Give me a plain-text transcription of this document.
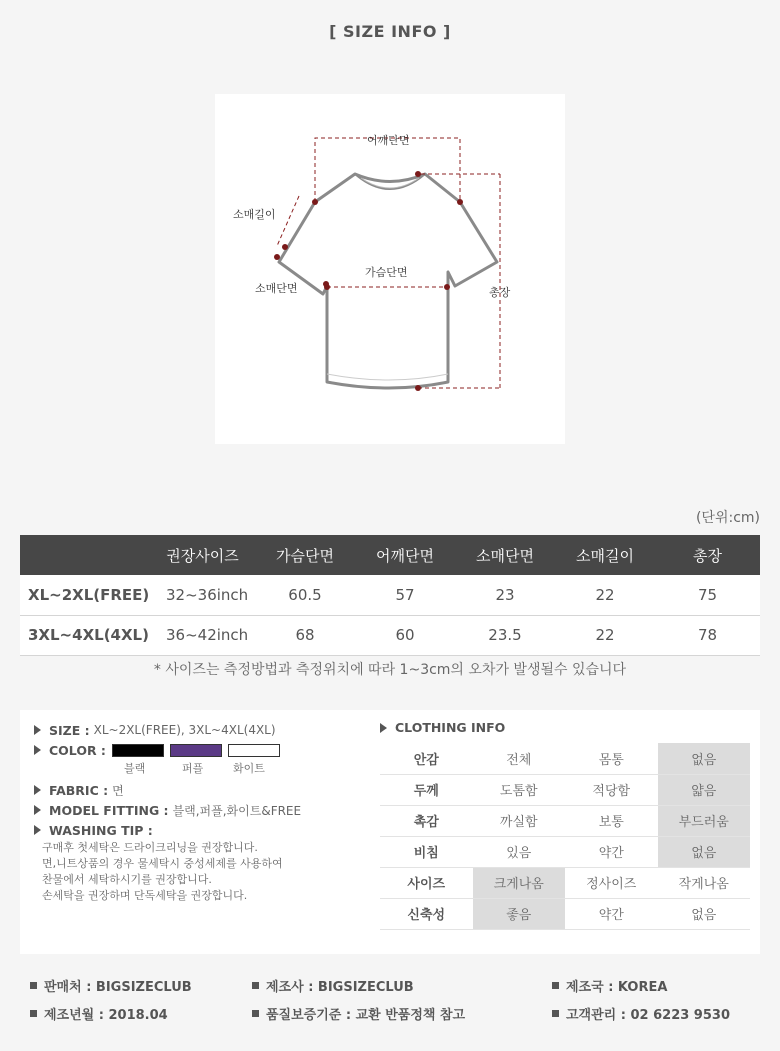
[ SIZE INFO ]
어깨단면
소매길이
가슴단면
소매단면	총장
(단위:cm)
	권장사이즈	가슴단면	어깨단면	소매단면	소매길이	총장
XL~2XL(FREE)	32~36inch	60.5	57	23	22	75
3XL~4XL(4XL)	36~42inch	68	60	23.5	22	78
* 사이즈는 측정방법과 측정위치에 따라 1~3cm의 오차가 발생될수 있습니다
SIZE : XL~2XL(FREE), 3XL~4XL(4XL)
COLOR :
블랙	퍼플	화이트
FABRIC : 면
MODEL FITTING : 블랙,퍼플,화이트&FREE
WASHING TIP :
구매후 첫세탁은 드라이크리닝을 권장합니다.
면,니트상품의 경우 물세탁시 중성세제를 사용하여
찬물에서 세탁하시기를 권장합니다.
손세탁을 권장하며 단독세탁을 권장합니다.
CLOTHING INFO
안감	전체	몸통	없음
두께	도톰함	적당함	얇음
촉감	까실함	보통	부드러움
비침	있음	약간	없음
사이즈	크게나옴	정사이즈	작게나옴
신축성	좋음	약간	없음
판매처 : BIGSIZECLUB	제조사 : BIGSIZECLUB	제조국 : KOREA
제조년월 : 2018.04	품질보증기준 : 교환 반품정책 참고	고객관리 : 02 6223 9530
